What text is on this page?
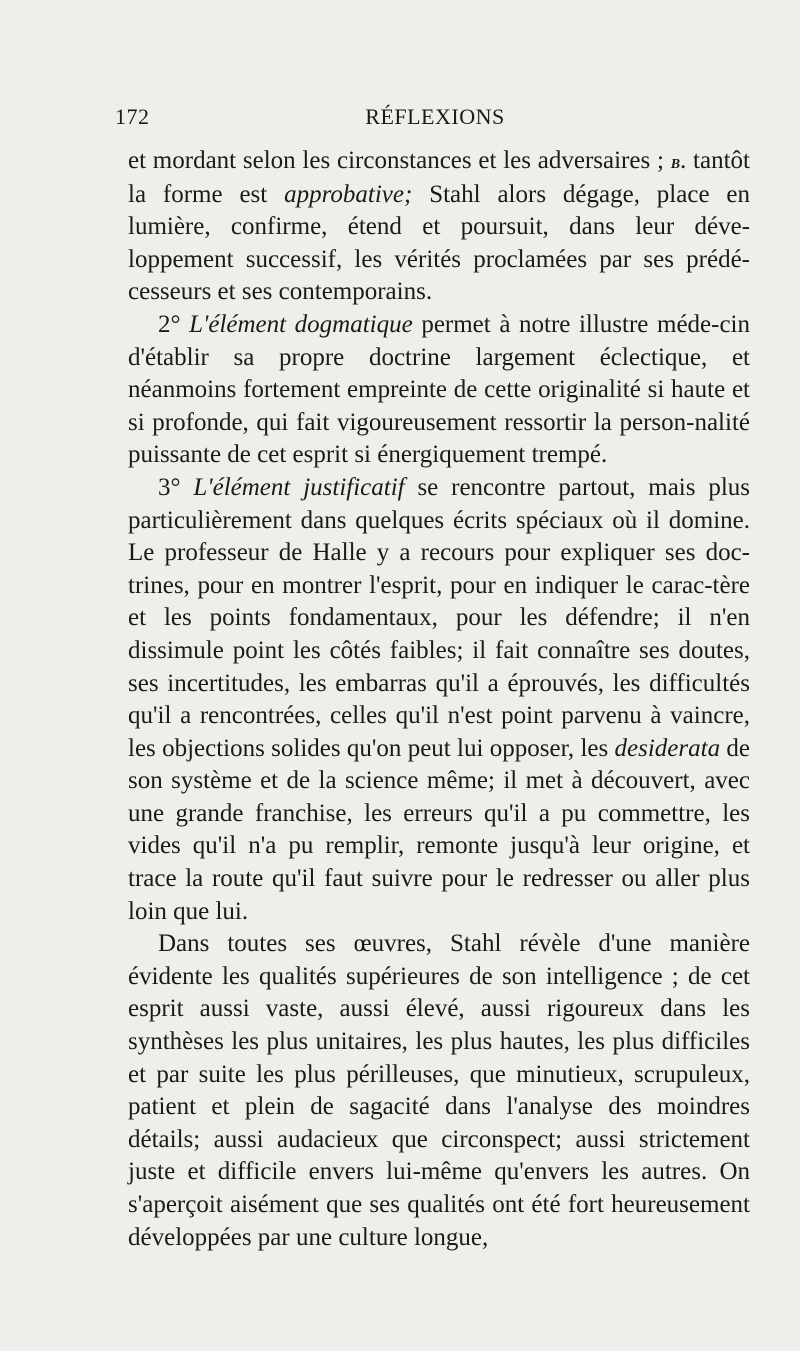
172	RÉFLEXIONS

et mordant selon les circonstances et les adversaires ; b. tantôt la forme est approbative; Stahl alors dégage, place en lumière, confirme, étend et poursuit, dans leur déve-loppement successif, les vérités proclamées par ses prédé-cesseurs et ses contemporains.

2° L'élément dogmatique permet à notre illustre méde-cin d'établir sa propre doctrine largement éclectique, et néanmoins fortement empreinte de cette originalité si haute et si profonde, qui fait vigoureusement ressortir la person-nalité puissante de cet esprit si énergiquement trempé.

3° L'élément justificatif se rencontre partout, mais plus particulièrement dans quelques écrits spéciaux où il domine. Le professeur de Halle y a recours pour expliquer ses doc-trines, pour en montrer l'esprit, pour en indiquer le carac-tère et les points fondamentaux, pour les défendre; il n'en dissimule point les côtés faibles; il fait connaître ses doutes, ses incertitudes, les embarras qu'il a éprouvés, les difficultés qu'il a rencontrées, celles qu'il n'est point parvenu à vaincre, les objections solides qu'on peut lui opposer, les desiderata de son système et de la science même; il met à découvert, avec une grande franchise, les erreurs qu'il a pu commettre, les vides qu'il n'a pu remplir, remonte jusqu'à leur origine, et trace la route qu'il faut suivre pour le redresser ou aller plus loin que lui.

Dans toutes ses œuvres, Stahl révèle d'une manière évidente les qualités supérieures de son intelligence ; de cet esprit aussi vaste, aussi élevé, aussi rigoureux dans les synthèses les plus unitaires, les plus hautes, les plus difficiles et par suite les plus périlleuses, que minutieux, scrupuleux, patient et plein de sagacité dans l'analyse des moindres détails; aussi audacieux que circonspect; aussi strictement juste et difficile envers lui-même qu'envers les autres. On s'aperçoit aisément que ses qualités ont été fort heureusement développées par une culture longue,
